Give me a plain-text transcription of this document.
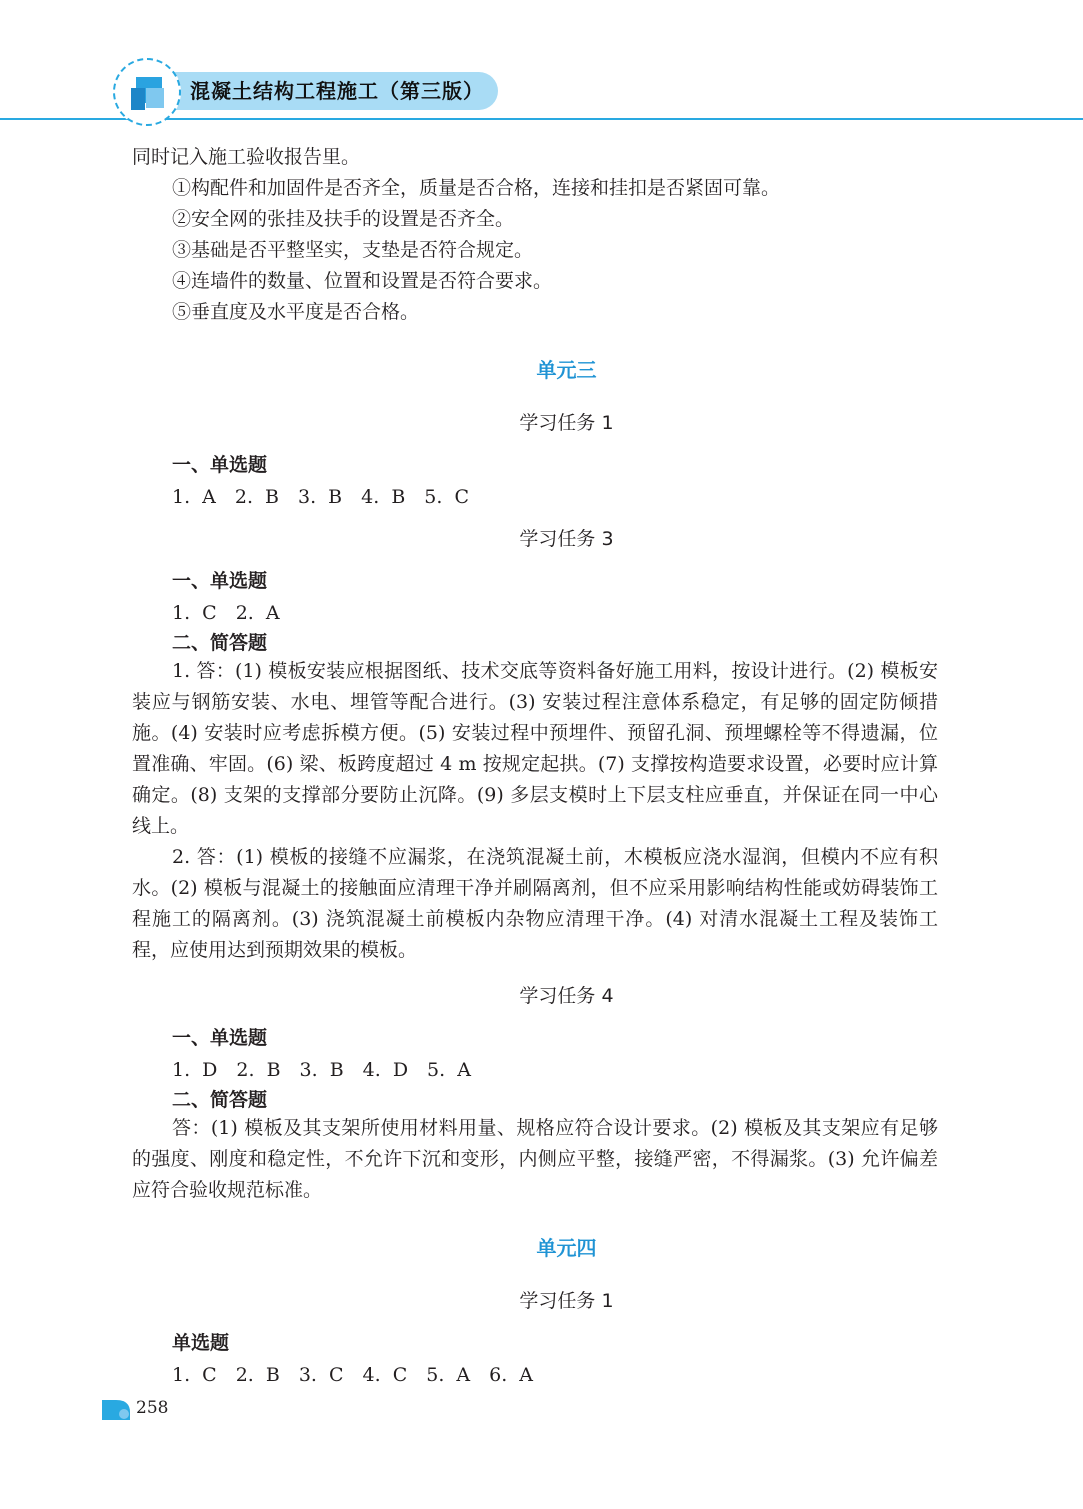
混凝土结构工程施工（第三版）
同时记入施工验收报告里。
①构配件和加固件是否齐全，质量是否合格，连接和挂扣是否紧固可靠。
②安全网的张挂及扶手的设置是否齐全。
③基础是否平整坚实，支垫是否符合规定。
④连墙件的数量、位置和设置是否符合要求。
⑤垂直度及水平度是否合格。
单元三
学习任务 1
一、单选题
1. A　2. B　3. B　4. B　5. C
学习任务 3
一、单选题
1. C　2. A
二、简答题
1. 答：(1) 模板安装应根据图纸、技术交底等资料备好施工用料，按设计进行。(2) 模板安装应与钢筋安装、水电、埋管等配合进行。(3) 安装过程注意体系稳定，有足够的固定防倾措施。(4) 安装时应考虑拆模方便。(5) 安装过程中预埋件、预留孔洞、预埋螺栓等不得遗漏，位置准确、牢固。(6) 梁、板跨度超过 4 m 按规定起拱。(7) 支撑按构造要求设置，必要时应计算确定。(8) 支架的支撑部分要防止沉降。(9) 多层支模时上下层支柱应垂直，并保证在同一中心线上。
2. 答：(1) 模板的接缝不应漏浆，在浇筑混凝土前，木模板应浇水湿润，但模内不应有积水。(2) 模板与混凝土的接触面应清理干净并刷隔离剂，但不应采用影响结构性能或妨碍装饰工程施工的隔离剂。(3) 浇筑混凝土前模板内杂物应清理干净。(4) 对清水混凝土工程及装饰工程，应使用达到预期效果的模板。
学习任务 4
一、单选题
1. D　2. B　3. B　4. D　5. A
二、简答题
答：(1) 模板及其支架所使用材料用量、规格应符合设计要求。(2) 模板及其支架应有足够的强度、刚度和稳定性，不允许下沉和变形，内侧应平整，接缝严密，不得漏浆。(3) 允许偏差应符合验收规范标准。
单元四
学习任务 1
单选题
1. C　2. B　3. C　4. C　5. A　6. A
258
